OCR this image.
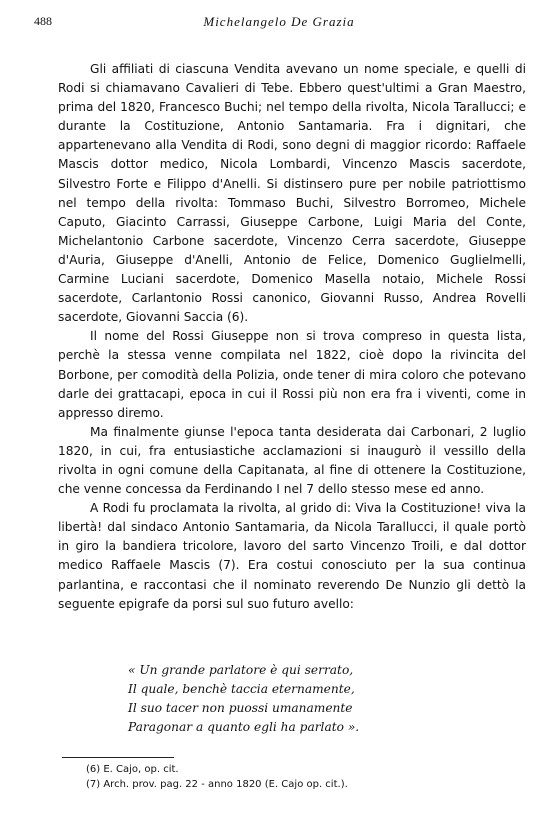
488	Michelangelo De Grazia

Gli affiliati di ciascuna Vendita avevano un nome speciale, e quelli di Rodi si chiamavano Cavalieri di Tebe. Ebbero quest'ultimi a Gran Maestro, prima del 1820, Francesco Buchi; nel tempo della rivolta, Nicola Tarallucci; e durante la Costituzione, Antonio Santamaria. Fra i dignitari, che appartenevano alla Vendita di Rodi, sono degni di maggior ricordo: Raffaele Mascis dottor medico, Nicola Lombardi, Vincenzo Mascis sacerdote, Silvestro Forte e Filippo d'Anelli. Si distinsero pure per nobile patriottismo nel tempo della rivolta: Tommaso Buchi, Silvestro Borromeo, Michele Caputo, Giacinto Carrassi, Giuseppe Carbone, Luigi Maria del Conte, Michelantonio Carbone sacerdote, Vincenzo Cerra sacerdote, Giuseppe d'Auria, Giuseppe d'Anelli, Antonio de Felice, Domenico Guglielmelli, Carmine Luciani sacerdote, Domenico Masella notaio, Michele Rossi sacerdote, Carlantonio Rossi canonico, Giovanni Russo, Andrea Rovelli sacerdote, Giovanni Saccia (6).

Il nome del Rossi Giuseppe non si trova compreso in questa lista, perchè la stessa venne compilata nel 1822, cioè dopo la rivincita del Borbone, per comodità della Polizia, onde tener di mira coloro che potevano darle dei grattacapi, epoca in cui il Rossi più non era fra i viventi, come in appresso diremo.

Ma finalmente giunse l'epoca tanta desiderata dai Carbonari, 2 luglio 1820, in cui, fra entusiastiche acclamazioni si inaugurò il vessillo della rivolta in ogni comune della Capitanata, al fine di ottenere la Costituzione, che venne concessa da Ferdinando I nel 7 dello stesso mese ed anno.

A Rodi fu proclamata la rivolta, al grido di: Viva la Costituzione! viva la libertà! dal sindaco Antonio Santamaria, da Nicola Tarallucci, il quale portò in giro la bandiera tricolore, lavoro del sarto Vincenzo Troili, e dal dottor medico Raffaele Mascis (7). Era costui conosciuto per la sua continua parlantina, e raccontasi che il nominato reverendo De Nunzio gli dettò la seguente epigrafe da porsi sul suo futuro avello:

« Un grande parlatore è qui serrato,
Il quale, benchè taccia eternamente,
Il suo tacer non puossi umanamente
Paragonar a quanto egli ha parlato ».
(6) E. Cajo, op. cit.
(7) Arch. prov. pag. 22 - anno 1820 (E. Cajo op. cit.).
